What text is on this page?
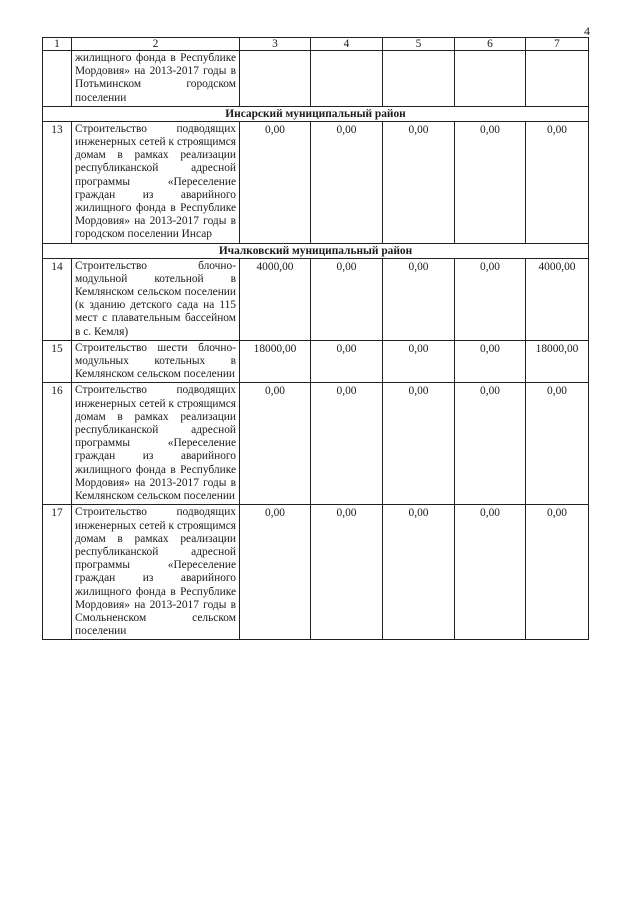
4
1	2	3	4	5	6	7
	жилищного фонда в Республике Мордовия» на 2013-2017 годы в Потьминском городском поселении					
Инсарский муниципальный район						
13	Строительство подводящих инженерных сетей к строящимся домам в рамках реализации республиканской адресной программы «Переселение граждан из аварийного жилищного фонда в Республике Мордовия» на 2013-2017 годы в городском поселении Инсар	0,00	0,00	0,00	0,00	0,00
Ичалковский муниципальный район						
14	Строительство блочно-модульной котельной в Кемлянском сельском поселении (к зданию детского сада на 115 мест с плавательным бассейном в с. Кемля)	4000,00	0,00	0,00	0,00	4000,00
15	Строительство шести блочно-модульных котельных в Кемлянском сельском поселении	18000,00	0,00	0,00	0,00	18000,00
16	Строительство подводящих инженерных сетей к строящимся домам в рамках реализации республиканской адресной программы «Переселение граждан из аварийного жилищного фонда в Республике Мордовия» на 2013-2017 годы в Кемлянском сельском поселении	0,00	0,00	0,00	0,00	0,00
17	Строительство подводящих инженерных сетей к строящимся домам в рамках реализации республиканской адресной программы «Переселение граждан из аварийного жилищного фонда в Республике Мордовия» на 2013-2017 годы в Смольненском сельском поселении	0,00	0,00	0,00	0,00	0,00
